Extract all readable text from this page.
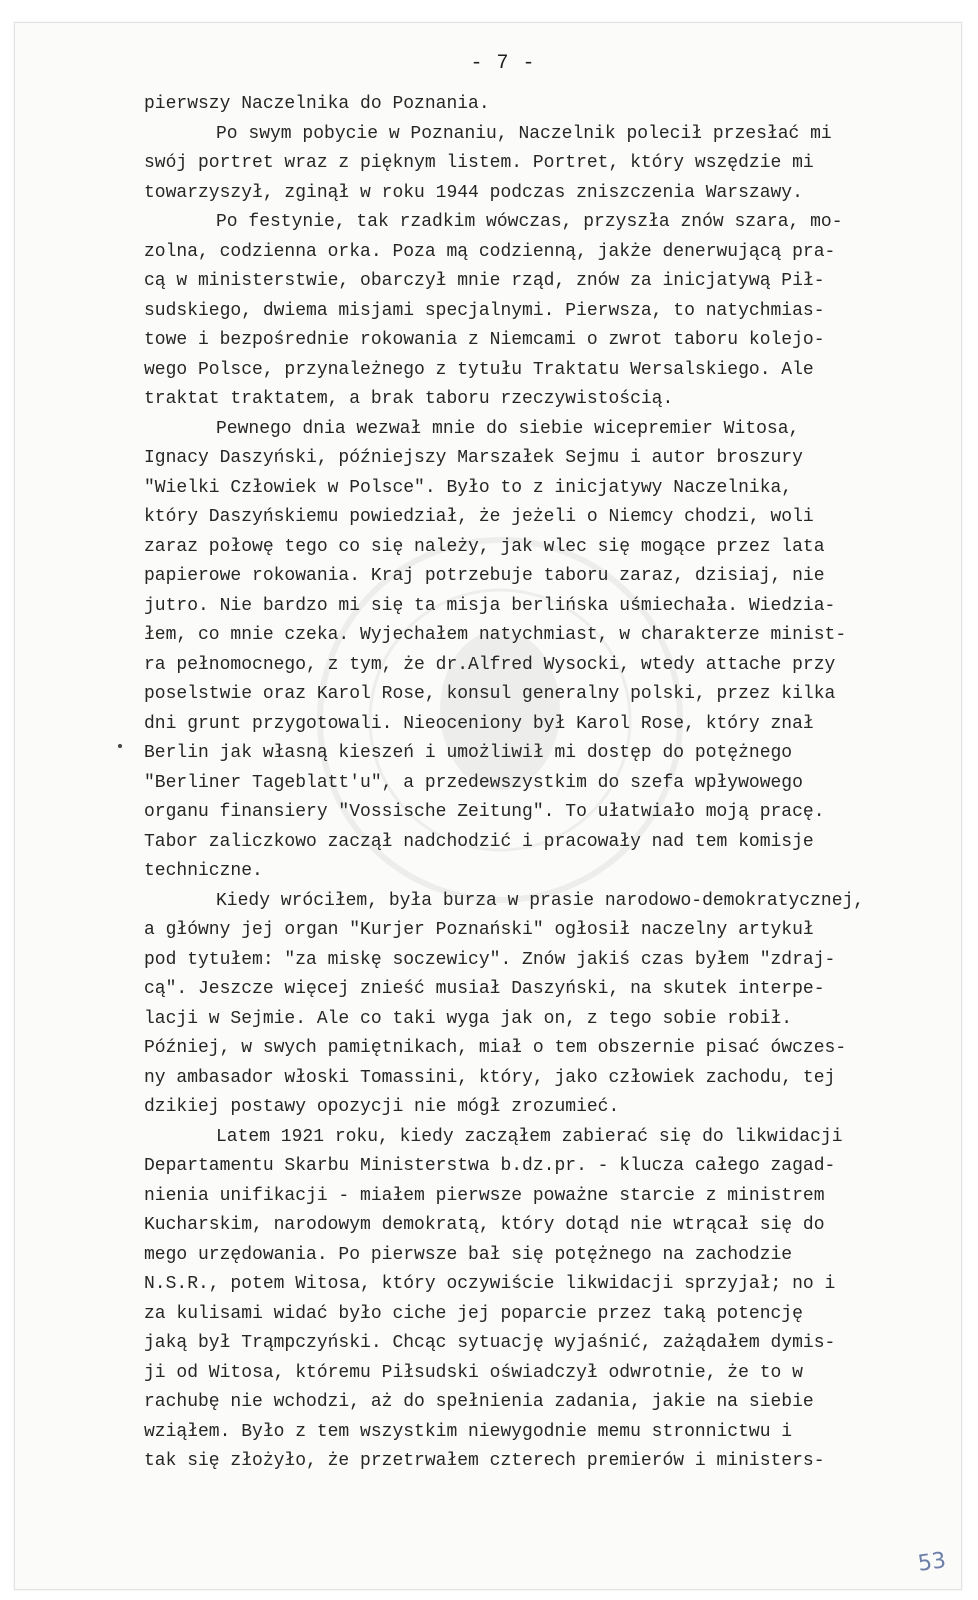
- 7 -
pierwszy Naczelnika do Poznania.
Po swym pobycie w Poznaniu, Naczelnik polecił przesłać mi
swój portret wraz z pięknym listem. Portret, który wszędzie mi
towarzyszył, zginął w roku 1944 podczas zniszczenia Warszawy.
Po festynie, tak rzadkim wówczas, przyszła znów szara, mo-
zolna, codzienna orka. Poza mą codzienną, jakże denerwującą pra-
cą w ministerstwie, obarczył mnie rząd, znów za inicjatywą Pił-
sudskiego, dwiema misjami specjalnymi. Pierwsza, to natychmias-
towe i bezpośrednie rokowania z Niemcami o zwrot taboru kolejo-
wego Polsce, przynależnego z tytułu Traktatu Wersalskiego. Ale
traktat traktatem, a brak taboru rzeczywistością.
Pewnego dnia wezwał mnie do siebie wicepremier Witosa,
Ignacy Daszyński, późniejszy Marszałek Sejmu i autor broszury
"Wielki Człowiek w Polsce". Było to z inicjatywy Naczelnika,
który Daszyńskiemu powiedział, że jeżeli o Niemcy chodzi, woli
zaraz połowę tego co się należy, jak wlec się mogące przez lata
papierowe rokowania. Kraj potrzebuje taboru zaraz, dzisiaj, nie
jutro. Nie bardzo mi się ta misja berlińska uśmiechała. Wiedzia-
łem, co mnie czeka. Wyjechałem natychmiast, w charakterze minist-
ra pełnomocnego, z tym, że dr.Alfred Wysocki, wtedy attache przy
poselstwie oraz Karol Rose, konsul generalny polski, przez kilka
dni grunt przygotowali. Nieoceniony był Karol Rose, który znał
Berlin jak własną kieszeń i umożliwił mi dostęp do potężnego
"Berliner Tageblatt'u", a przedewszystkim do szefa wpływowego
organu finansiery "Vossische Zeitung". To ułatwiało moją pracę.
Tabor zaliczkowo zaczął nadchodzić i pracowały nad tem komisje
techniczne.
Kiedy wróciłem, była burza w prasie narodowo-demokratycznej,
a główny jej organ "Kurjer Poznański" ogłosił naczelny artykuł
pod tytułem: "za miskę soczewicy". Znów jakiś czas byłem "zdraj-
cą". Jeszcze więcej znieść musiał Daszyński, na skutek interpe-
lacji w Sejmie. Ale co taki wyga jak on, z tego sobie robił.
Później, w swych pamiętnikach, miał o tem obszernie pisać ówczes-
ny ambasador włoski Tomassini, który, jako człowiek zachodu, tej
dzikiej postawy opozycji nie mógł zrozumieć.
Latem 1921 roku, kiedy zacząłem zabierać się do likwidacji
Departamentu Skarbu Ministerstwa b.dz.pr. - klucza całego zagad-
nienia unifikacji - miałem pierwsze poważne starcie z ministrem
Kucharskim, narodowym demokratą, który dotąd nie wtrącał się do
mego urzędowania. Po pierwsze bał się potężnego na zachodzie
N.S.R., potem Witosa, który oczywiście likwidacji sprzyjał; no i
za kulisami widać było ciche jej poparcie przez taką potencję
jaką był Trąmpczyński. Chcąc sytuację wyjaśnić, zażądałem dymis-
ji od Witosa, któremu Piłsudski oświadczył odwrotnie, że to w
rachubę nie wchodzi, aż do spełnienia zadania, jakie na siebie
wziąłem. Było z tem wszystkim niewygodnie memu stronnictwu i
tak się złożyło, że przetrwałem czterech premierów i ministers-
53
